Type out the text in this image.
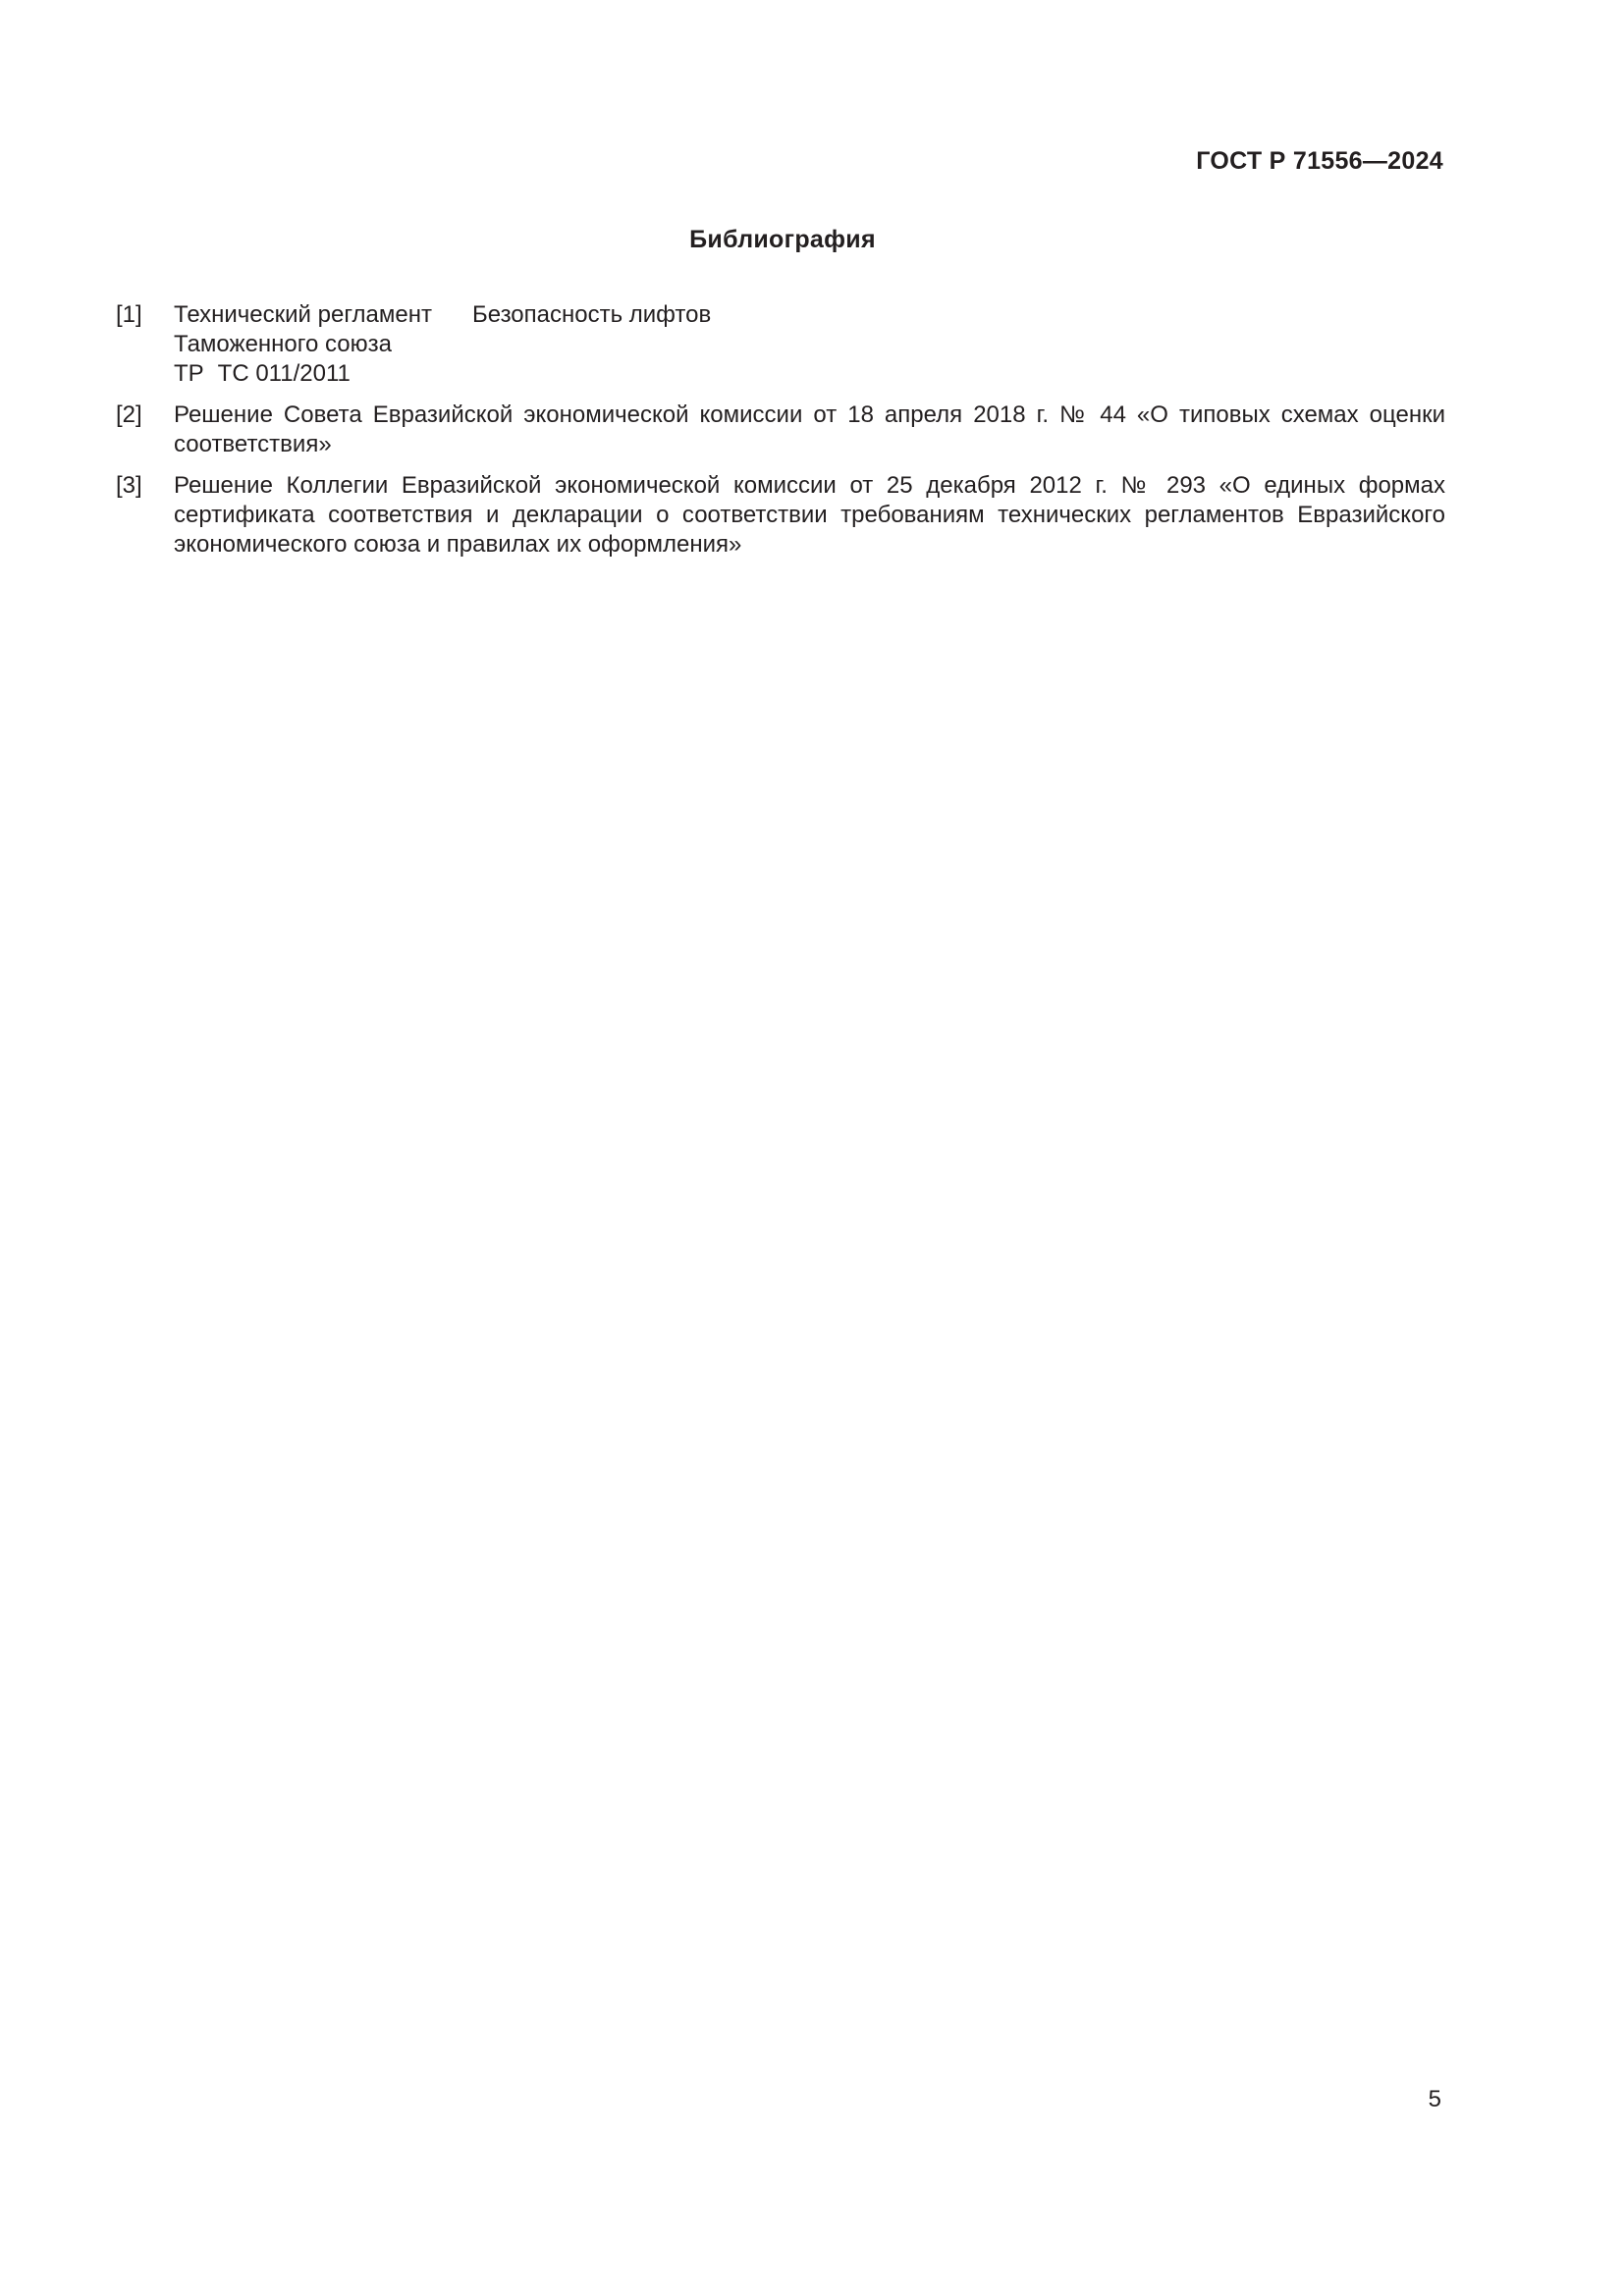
ГОСТ Р 71556—2024
Библиография
[1]	Технический регламент	Безопасность лифтов
Таможенного союза
ТР ТС 011/2011
[2]	Решение Совета Евразийской экономической комиссии от 18 апреля 2018 г. № 44 «О типовых схемах оценки соответствия»
[3]	Решение Коллегии Евразийской экономической комиссии от 25 декабря 2012 г. № 293 «О единых формах сертификата соответствия и декларации о соответствии требованиям технических регламентов Евразийского экономического союза и правилах их оформления»
5
